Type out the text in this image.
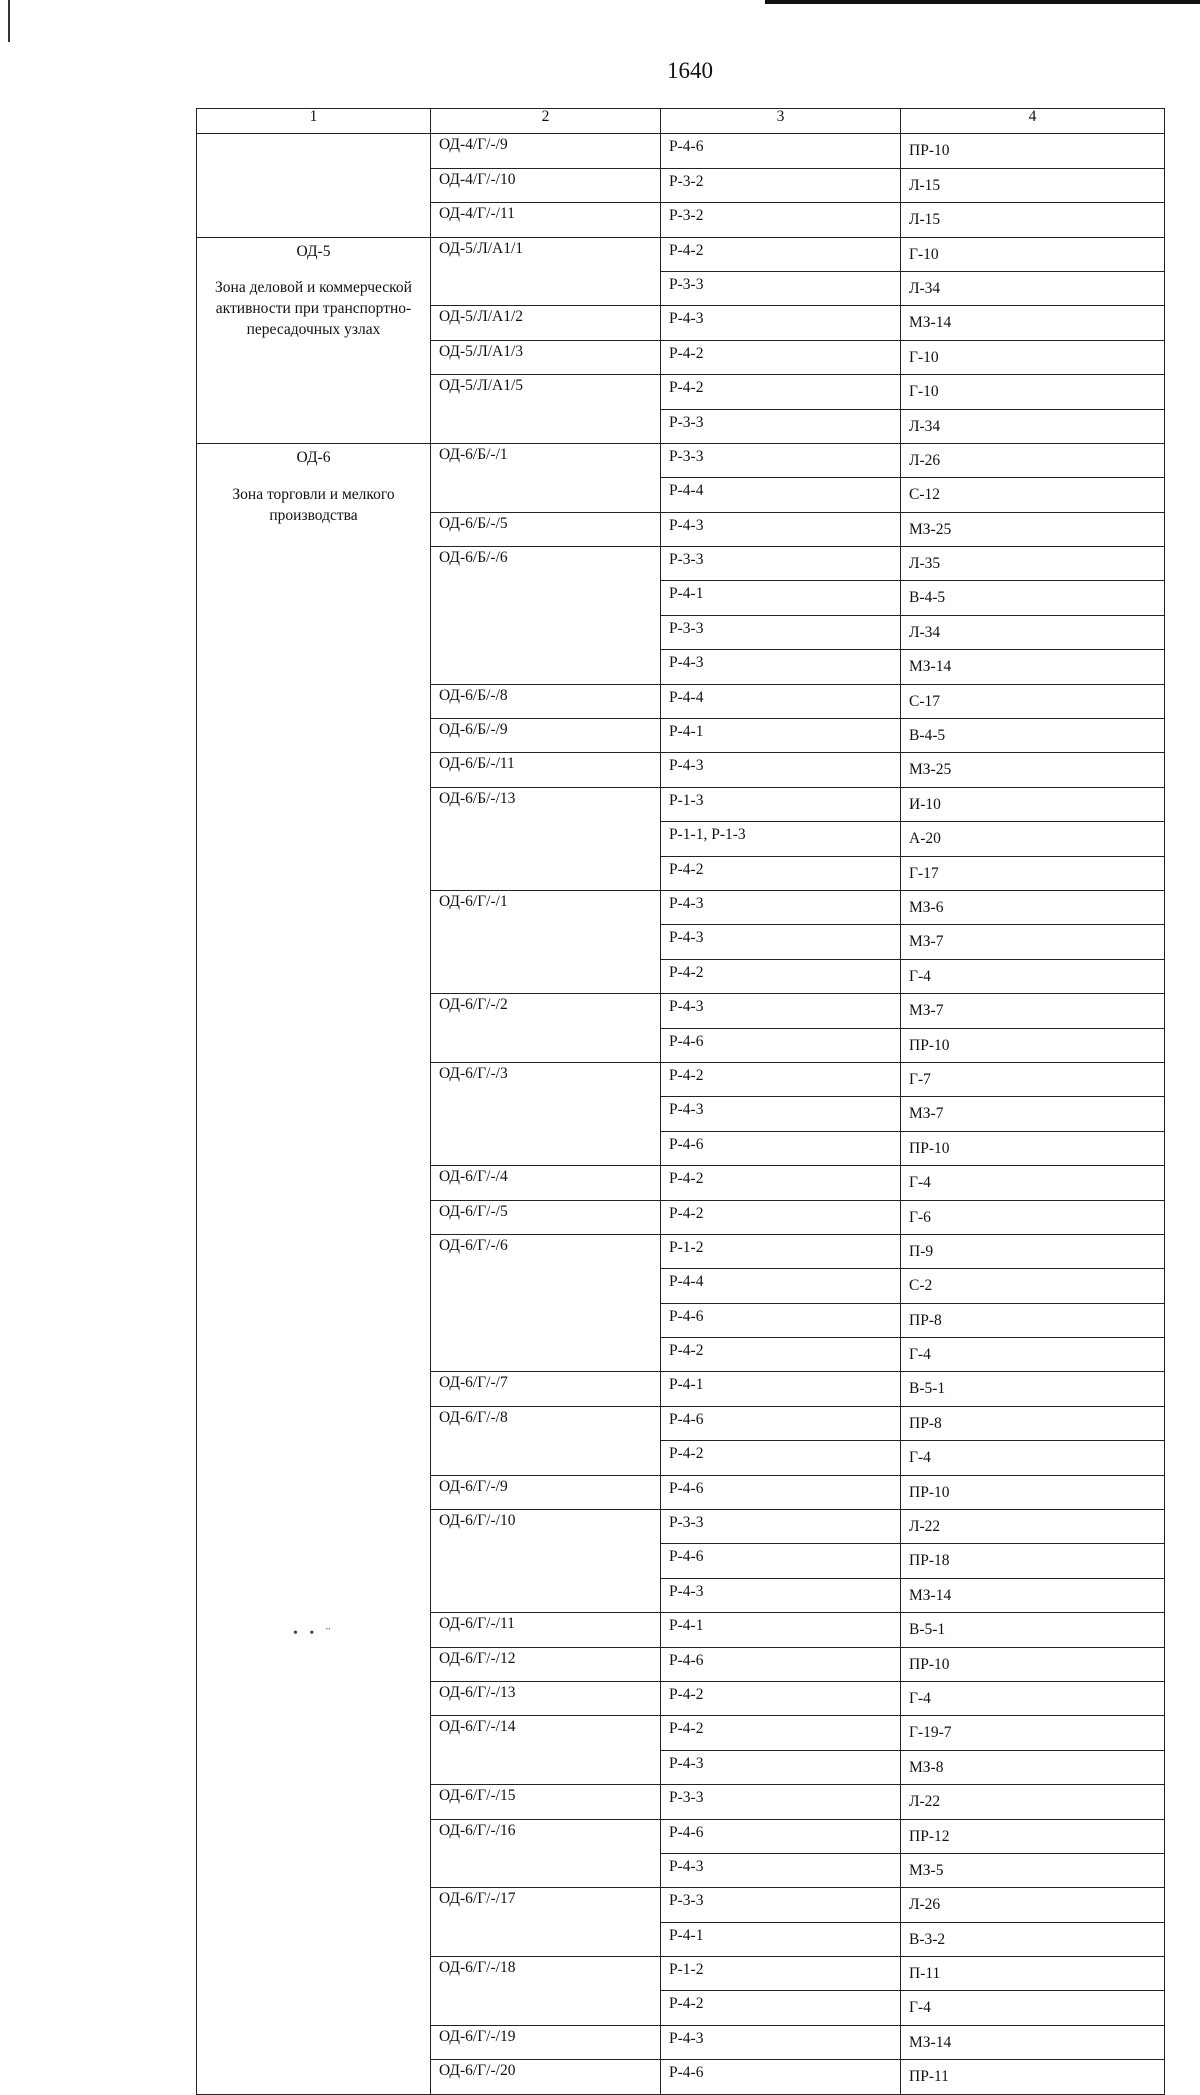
1640
1	2	3	4

	ОД-4/Г/-/9	Р-4-6	ПР-10
	ОД-4/Г/-/10	Р-3-2	Л-15
	ОД-4/Г/-/11	Р-3-2	Л-15

ОД-5
Зона деловой и коммерческой активности при транспортно-пересадочных узлах	ОД-5/Л/А1/1	Р-4-2	Г-10
		Р-3-3	Л-34
	ОД-5/Л/А1/2	Р-4-3	МЗ-14
	ОД-5/Л/А1/3	Р-4-2	Г-10
	ОД-5/Л/А1/5	Р-4-2	Г-10
		Р-3-3	Л-34

ОД-6
Зона торговли и мелкого производства	ОД-6/Б/-/1	Р-3-3	Л-26
		Р-4-4	С-12
	ОД-6/Б/-/5	Р-4-3	МЗ-25
	ОД-6/Б/-/6	Р-3-3	Л-35
		Р-4-1	В-4-5
		Р-3-3	Л-34
		Р-4-3	МЗ-14
	ОД-6/Б/-/8	Р-4-4	С-17
	ОД-6/Б/-/9	Р-4-1	В-4-5
	ОД-6/Б/-/11	Р-4-3	МЗ-25
	ОД-6/Б/-/13	Р-1-3	И-10
		Р-1-1, Р-1-3	А-20
		Р-4-2	Г-17
	ОД-6/Г/-/1	Р-4-3	МЗ-6
		Р-4-3	МЗ-7
		Р-4-2	Г-4
	ОД-6/Г/-/2	Р-4-3	МЗ-7
		Р-4-6	ПР-10
	ОД-6/Г/-/3	Р-4-2	Г-7
		Р-4-3	МЗ-7
		Р-4-6	ПР-10
	ОД-6/Г/-/4	Р-4-2	Г-4
	ОД-6/Г/-/5	Р-4-2	Г-6
	ОД-6/Г/-/6	Р-1-2	П-9
		Р-4-4	С-2
		Р-4-6	ПР-8
		Р-4-2	Г-4
	ОД-6/Г/-/7	Р-4-1	В-5-1
	ОД-6/Г/-/8	Р-4-6	ПР-8
		Р-4-2	Г-4
	ОД-6/Г/-/9	Р-4-6	ПР-10
	ОД-6/Г/-/10	Р-3-3	Л-22
		Р-4-6	ПР-18
		Р-4-3	МЗ-14
	ОД-6/Г/-/11	Р-4-1	В-5-1
	ОД-6/Г/-/12	Р-4-6	ПР-10
	ОД-6/Г/-/13	Р-4-2	Г-4
	ОД-6/Г/-/14	Р-4-2	Г-19-7
		Р-4-3	МЗ-8
	ОД-6/Г/-/15	Р-3-3	Л-22
	ОД-6/Г/-/16	Р-4-6	ПР-12
		Р-4-3	МЗ-5
	ОД-6/Г/-/17	Р-3-3	Л-26
		Р-4-1	В-3-2
	ОД-6/Г/-/18	Р-1-2	П-11
		Р-4-2	Г-4
	ОД-6/Г/-/19	Р-4-3	МЗ-14
	ОД-6/Г/-/20	Р-4-6	ПР-11
• • ¨
